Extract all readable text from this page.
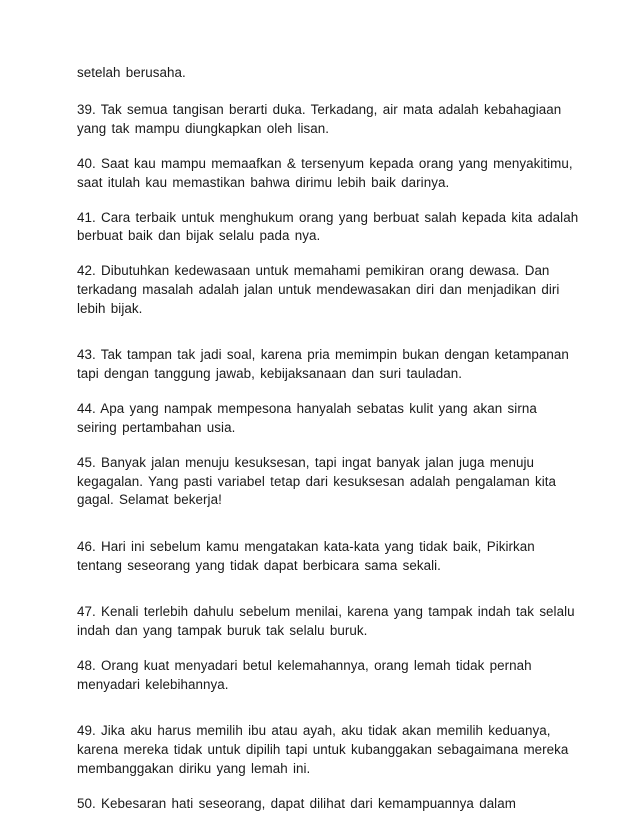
setelah berusaha.
39. Tak semua tangisan berarti duka. Terkadang, air mata adalah kebahagiaan
yang tak mampu diungkapkan oleh lisan.
40. Saat kau mampu memaafkan & tersenyum kepada orang yang menyakitimu,
saat itulah kau memastikan bahwa dirimu lebih baik darinya.
41. Cara terbaik untuk menghukum orang yang berbuat salah kepada kita adalah
berbuat baik dan bijak selalu pada nya.
42. Dibutuhkan kedewasaan untuk memahami pemikiran orang dewasa. Dan
terkadang masalah adalah jalan untuk mendewasakan diri dan menjadikan diri
lebih bijak.
43. Tak tampan tak jadi soal, karena pria memimpin bukan dengan ketampanan
tapi dengan tanggung jawab, kebijaksanaan dan suri tauladan.
44. Apa yang nampak mempesona hanyalah sebatas kulit yang akan sirna
seiring pertambahan usia.
45. Banyak jalan menuju kesuksesan, tapi ingat banyak jalan juga menuju
kegagalan. Yang pasti variabel tetap dari kesuksesan adalah pengalaman kita
gagal. Selamat bekerja!
46. Hari ini sebelum kamu mengatakan kata-kata yang tidak baik, Pikirkan
tentang seseorang yang tidak dapat berbicara sama sekali.
47. Kenali terlebih dahulu sebelum menilai, karena yang tampak indah tak selalu
indah dan yang tampak buruk tak selalu buruk.
48. Orang kuat menyadari betul kelemahannya, orang lemah tidak pernah
menyadari kelebihannya.
49. Jika aku harus memilih ibu atau ayah, aku tidak akan memilih keduanya,
karena mereka tidak untuk dipilih tapi untuk kubanggakan sebagaimana mereka
membanggakan diriku yang lemah ini.
50. Kebesaran hati seseorang, dapat dilihat dari kemampuannya dalam
